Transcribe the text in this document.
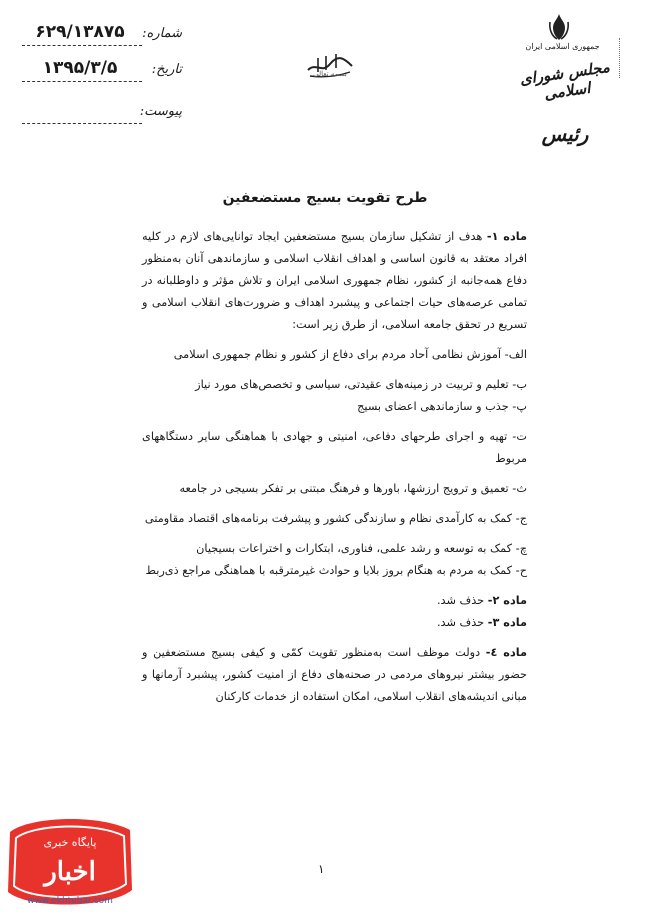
شماره:
۶۲۹/۱۳۸۷۵
تاریخ:
۱۳۹۵/۳/۵
پیوست:
بسمه تعالی
جمهوری اسلامی ایران
مجلس شورای اسلامی
رئیس
طرح تقویت بسیج مستضعفین

ماده ۱- هدف از تشکیل سازمان بسیج مستضعفین ایجاد توانایی‌های لازم در کلیه افراد معتقد به قانون اساسی و اهداف انقلاب اسلامی و سازماندهی آنان به‌منظور دفاع همه‌جانبه از کشور، نظام جمهوری اسلامی ایران و تلاش مؤثر و داوطلبانه در تمامی عرصه‌های حیات اجتماعی و پیشبرد اهداف و ضرورت‌های انقلاب اسلامی و تسریع در تحقق جامعه اسلامی، از طرق زیر است:

الف- آموزش نظامی آحاد مردم برای دفاع از کشور و نظام جمهوری اسلامی

ب- تعلیم و تربیت در زمینه‌های عقیدتی، سیاسی و تخصص‌های مورد نیاز

پ- جذب و سازماندهی اعضای بسیج

ت- تهیه و اجرای طرحهای دفاعی، امنیتی و جهادی با هماهنگی سایر دستگاههای مربوط

ث- تعمیق و ترویج ارزشها، باورها و فرهنگ مبتنی بر تفکر بسیجی در جامعه

ج- کمک به کارآمدی نظام و سازندگی کشور و پیشرفت برنامه‌های اقتصاد مقاومتی

چ- کمک به توسعه و رشد علمی، فناوری، ابتکارات و اختراعات بسیجیان

ح- کمک به مردم به هنگام بروز بلایا و حوادث غیرمترقبه با هماهنگی مراجع ذی‌ربط

ماده ۲- حذف شد.

ماده ۳- حذف شد.

ماده ٤- دولت موظف است به‌منظور تقویت کمّی و کیفی بسیج مستضعفین و حضور بیشتر نیروهای مردمی در صحنه‌های دفاع از امنیت کشور، پیشبرد آرمانها و مبانی اندیشه‌های انقلاب اسلامی، امکان استفاده از خدمات کارکنان

۱
پایگاه خبری
اخبار
www.ekhtebar.com
